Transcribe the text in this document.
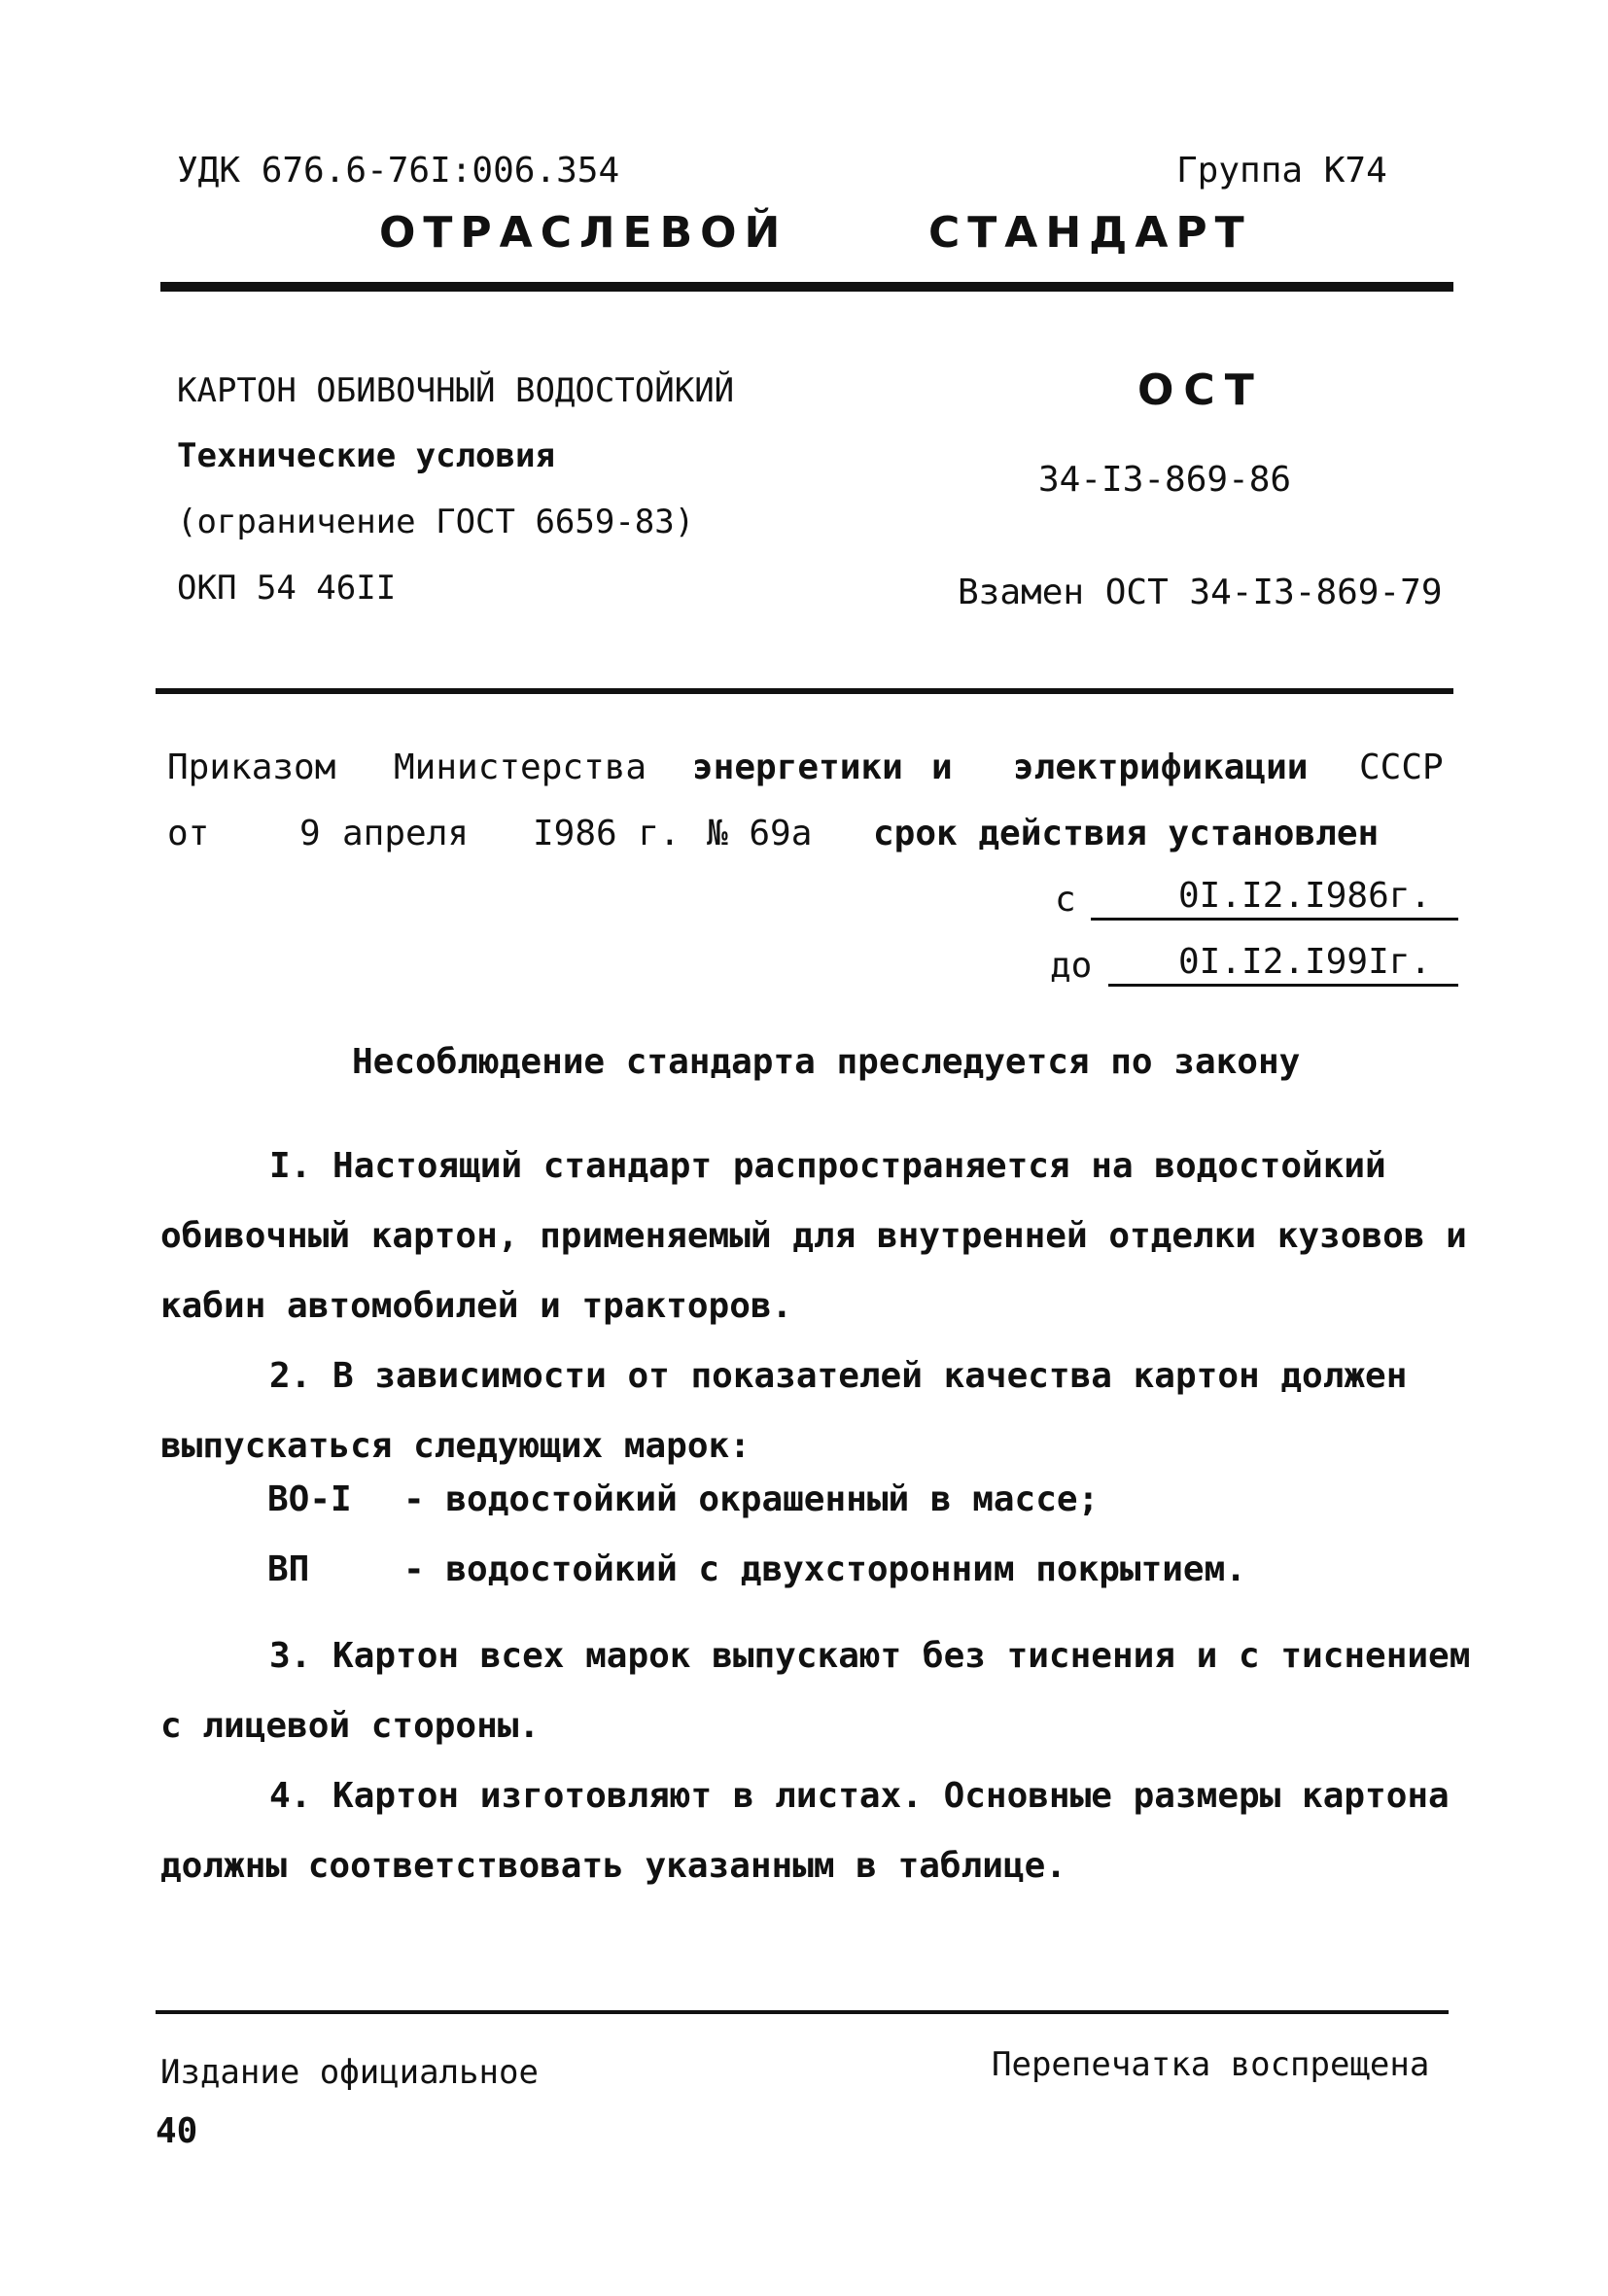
УДК 676.6-76I:006.354	Группа К74
ОТРАСЛЕВОЙ	СТАНДАРТ
КАРТОН ОБИВОЧНЫЙ ВОДОСТОЙКИЙ
Технические условия
(ограничение ГОСТ 6659-83)
ОКП 54 46II
ОСТ
34-I3-869-86
Взамен ОСТ 34-I3-869-79
Приказом Министерства энергетики и электрификации СССР
от	9 апреля I986 г. № 69а срок действия установлен
с	0I.I2.I986г.
до 0I.I2.I99Iг.
Несоблюдение стандарта преследуется по закону
I. Настоящий стандарт распространяется на водостойкий обивочный картон, применяемый для внутренней отделки кузовов и кабин автомобилей и тракторов.
2. В зависимости от показателей качества картон должен выпускаться следующих марок:
ВО-I - водостойкий окрашенный в массе;
ВП	- водостойкий с двухсторонним покрытием.
3. Картон всех марок выпускают без тиснения и с тиснением с лицевой стороны.
4. Картон изготовляют в листах. Основные размеры картона должны соответствовать указанным в таблице.
Издание официальное	Перепечатка воспрещена
40
